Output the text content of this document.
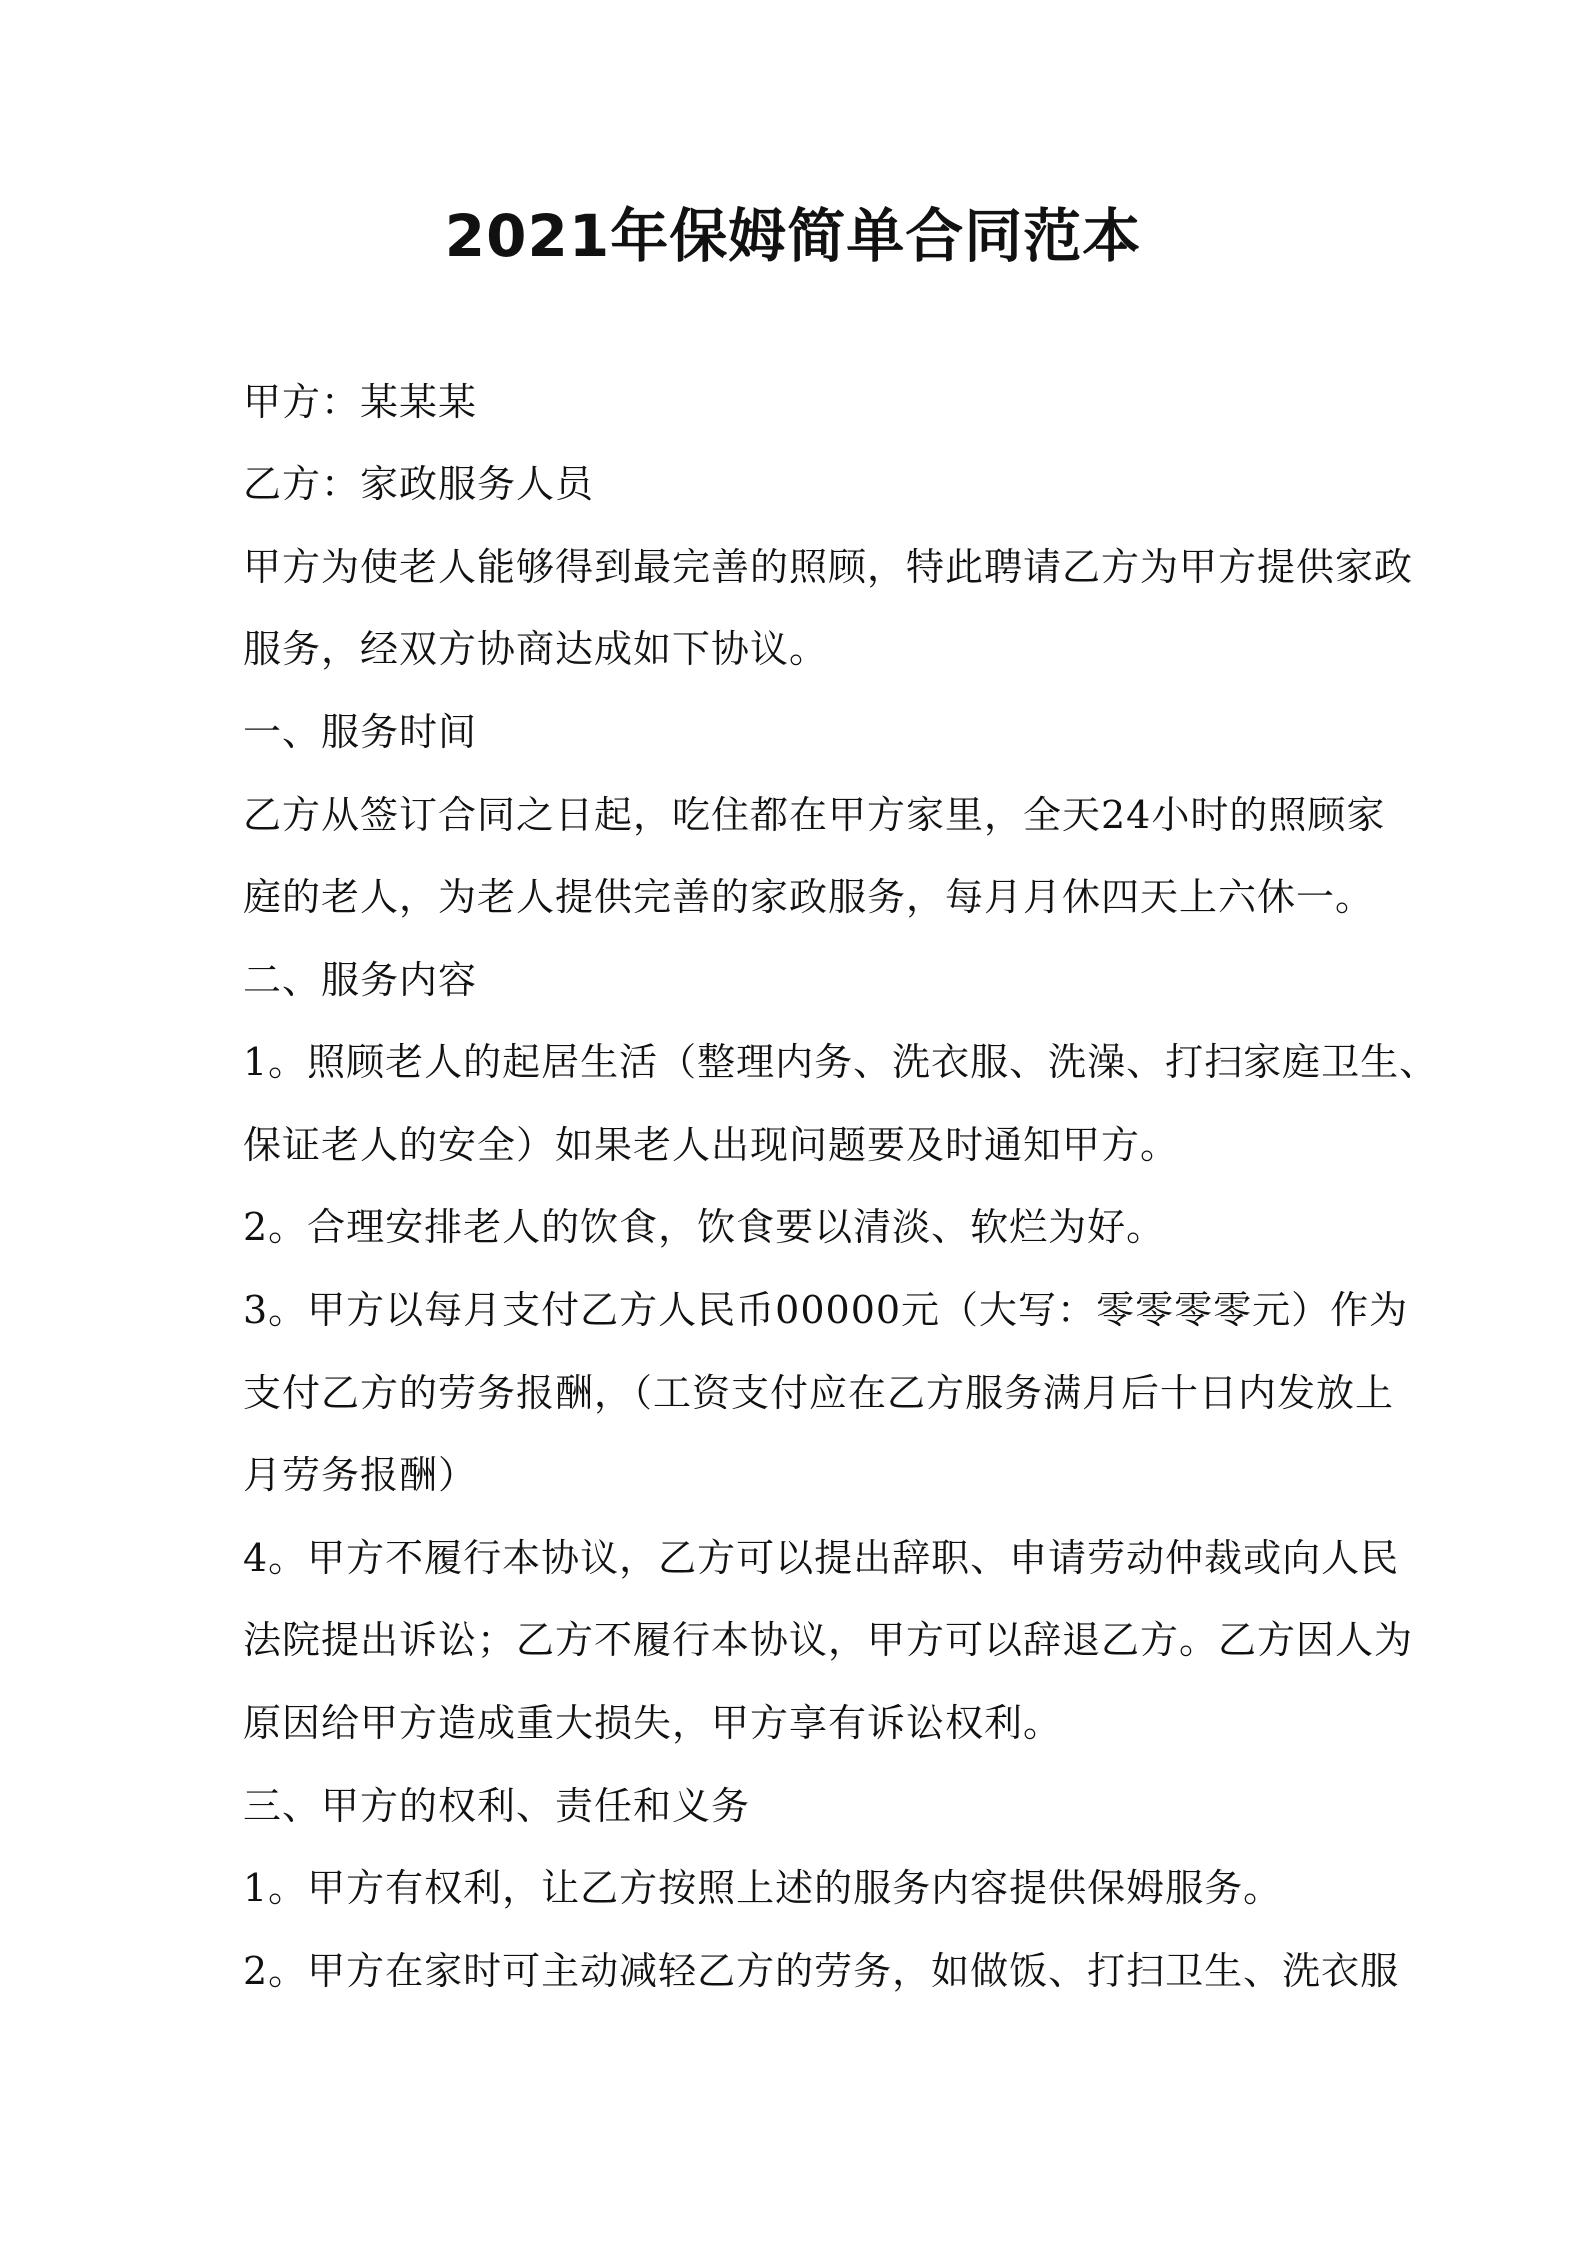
2021年保姆简单合同范本
甲方：某某某
乙方：家政服务人员
甲方为使老人能够得到最完善的照顾，特此聘请乙方为甲方提供家政
服务，经双方协商达成如下协议。
一、服务时间
乙方从签订合同之日起，吃住都在甲方家里，全天24小时的照顾家
庭的老人，为老人提供完善的家政服务，每月月休四天上六休一。
二、服务内容
1。照顾老人的起居生活（整理内务、洗衣服、洗澡、打扫家庭卫生、
保证老人的安全）如果老人出现问题要及时通知甲方。
2。合理安排老人的饮食，饮食要以清淡、软烂为好。
3。甲方以每月支付乙方人民币00000元（大写：零零零零元）作为
支付乙方的劳务报酬，（工资支付应在乙方服务满月后十日内发放上
月劳务报酬）
4。甲方不履行本协议，乙方可以提出辞职、申请劳动仲裁或向人民
法院提出诉讼；乙方不履行本协议，甲方可以辞退乙方。乙方因人为
原因给甲方造成重大损失，甲方享有诉讼权利。
三、甲方的权利、责任和义务
1。甲方有权利，让乙方按照上述的服务内容提供保姆服务。
2。甲方在家时可主动减轻乙方的劳务，如做饭、打扫卫生、洗衣服
